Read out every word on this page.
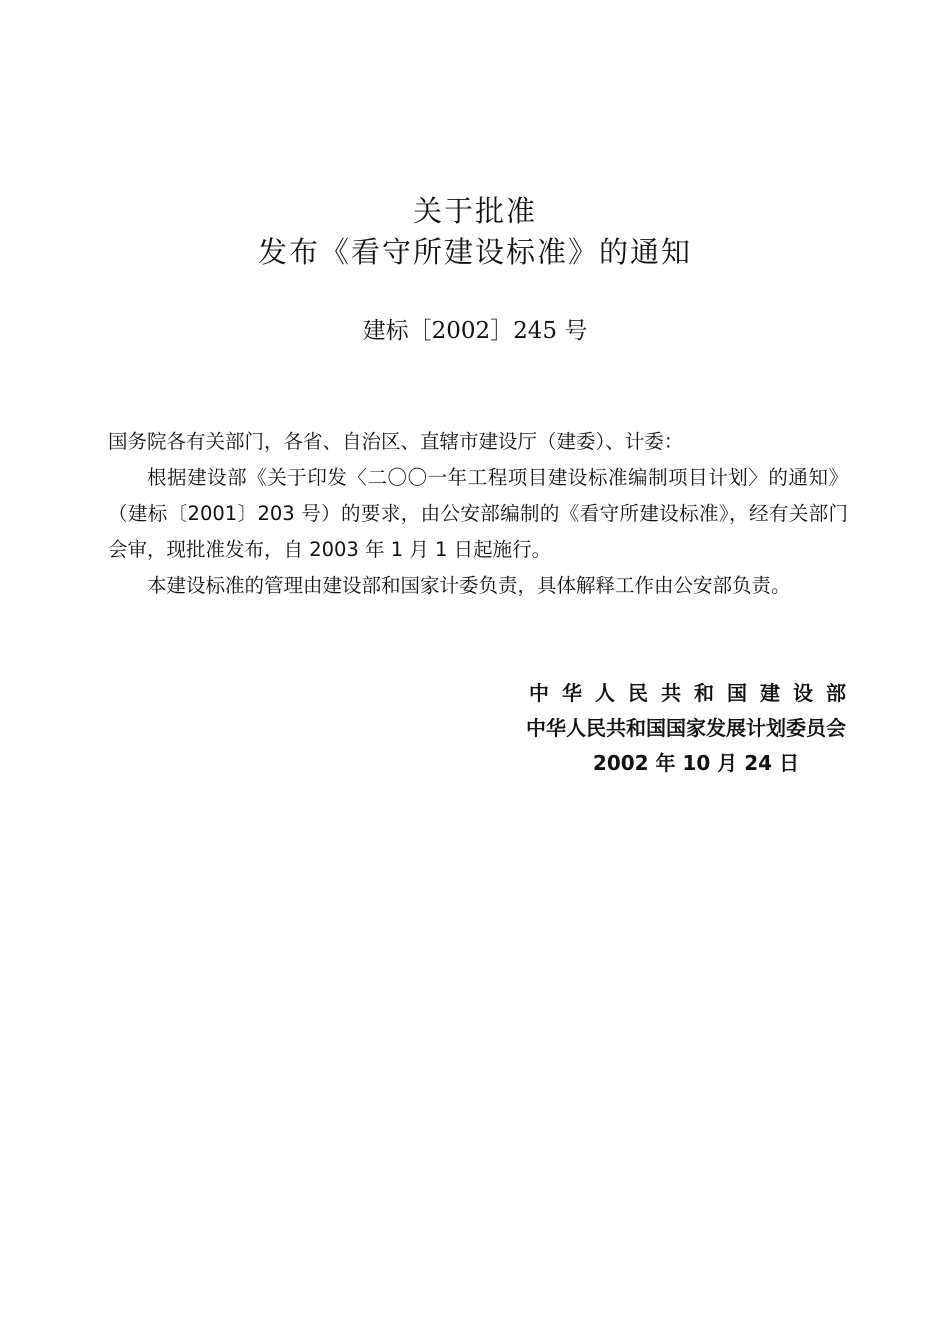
关于批准
发布《看守所建设标准》的通知
建标［2002］245 号

国务院各有关部门，各省、自治区、直辖市建设厅（建委）、计委：

根据建设部《关于印发〈二〇〇一年工程项目建设标准编制项目计划〉的通知》（建标〔2001〕203 号）的要求，由公安部编制的《看守所建设标准》，经有关部门会审，现批准发布，自 2003 年 1 月 1 日起施行。

本建设标准的管理由建设部和国家计委负责，具体解释工作由公安部负责。

中华人民共和国建设部
中华人民共和国国家发展计划委员会
2002 年 10 月 24 日
